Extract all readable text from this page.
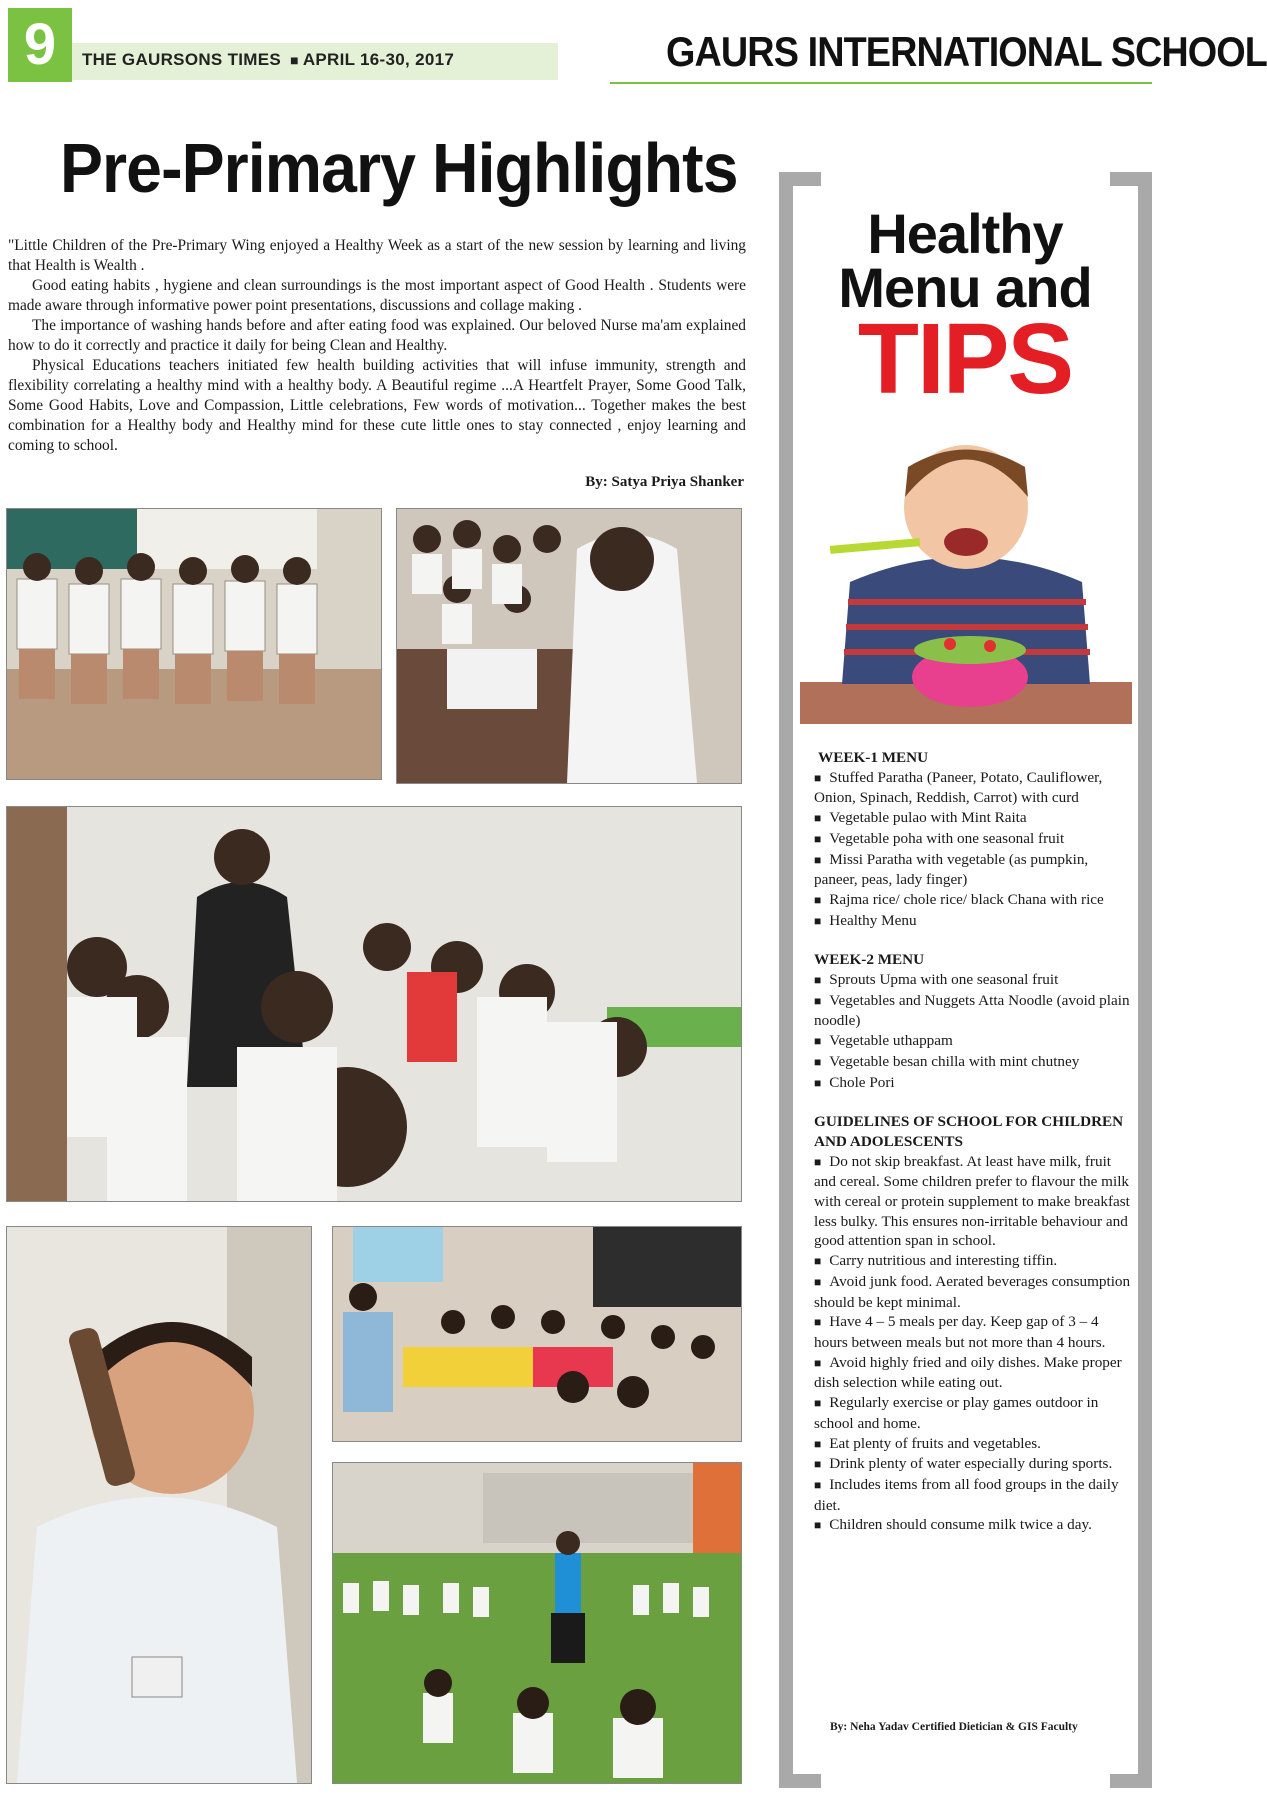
9	THE GAURSONS TIMES ■ APRIL 16-30, 2017	GAURS INTERNATIONAL SCHOOL
Pre-Primary Highlights

"Little Children of the Pre-Primary Wing enjoyed a Healthy Week as a start of the new session by learning and living that Health is Wealth .

Good eating habits , hygiene and clean surroundings is the most important aspect of Good Health . Students were made aware through informative power point presentations, discussions and collage making .

The importance of washing hands before and after eating food was explained. Our beloved Nurse ma'am explained how to do it correctly and practice it daily for being Clean and Healthy.

Physical Educations teachers initiated few health building activities that will infuse immunity, strength and flexibility correlating a healthy mind with a healthy body. A Beautiful regime ...A Heartfelt Prayer, Some Good Talk, Some Good Habits, Love and Compassion, Little celebrations, Few words of motivation... Together makes the best combination for a Healthy body and Healthy mind for these cute little ones to stay connected , enjoy learning and coming to school.

By: Satya Priya Shanker
Healthy
Menu and
TIPS

WEEK-1 MENU

■ Stuffed Paratha (Paneer, Potato, Cauliflower, Onion, Spinach, Reddish, Carrot) with curd
■ Vegetable pulao with Mint Raita
■ Vegetable poha with one seasonal fruit
■ Missi Paratha with vegetable (as pumpkin, paneer, peas, lady finger)
■ Rajma rice/ chole rice/ black Chana with rice
■ Healthy Menu

WEEK-2 MENU

■ Sprouts Upma with one seasonal fruit
■ Vegetables and Nuggets Atta Noodle (avoid plain noodle)
■ Vegetable uthappam
■ Vegetable besan chilla with mint chutney
■ Chole Pori

GUIDELINES OF SCHOOL FOR CHILDREN AND ADOLESCENTS

■ Do not skip breakfast. At least have milk, fruit and cereal. Some children prefer to flavour the milk with cereal or protein supplement to make breakfast less bulky. This ensures non-irritable behaviour and good attention span in school.
■ Carry nutritious and interesting tiffin.
■ Avoid junk food. Aerated beverages consumption should be kept minimal.
■ Have 4 – 5 meals per day. Keep gap of 3 – 4 hours between meals but not more than 4 hours.
■ Avoid highly fried and oily dishes. Make proper dish selection while eating out.
■ Regularly exercise or play games outdoor in school and home.
■ Eat plenty of fruits and vegetables.
■ Drink plenty of water especially during sports.
■ Includes items from all food groups in the daily diet.
■ Children should consume milk twice a day.
By: Neha Yadav Certified Dietician & GIS Faculty
